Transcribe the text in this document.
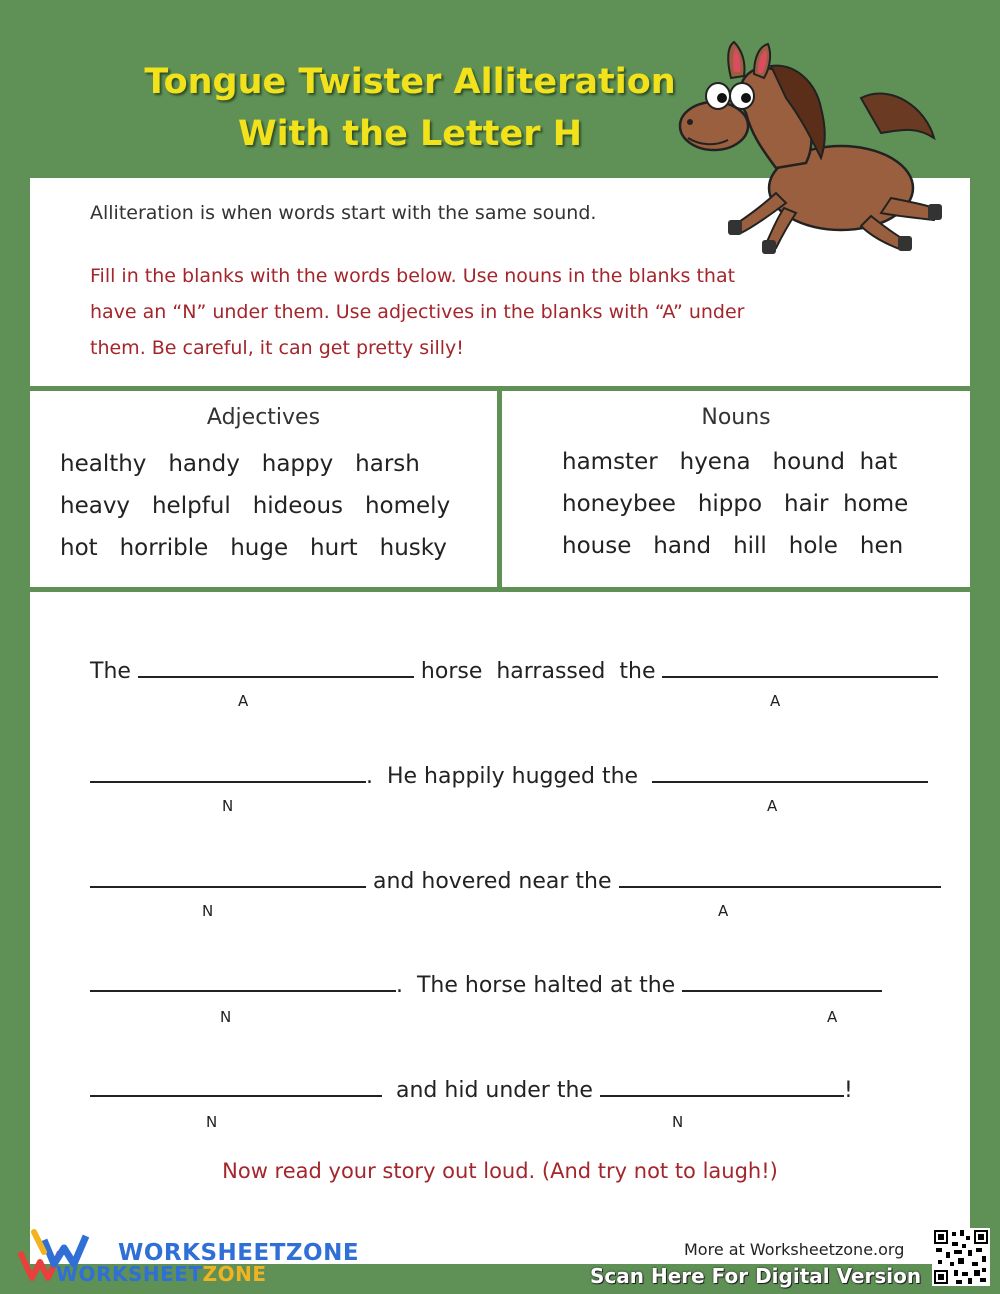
Tongue Twister Alliteration
With the Letter H
Alliteration is when words start with the same sound.
Fill in the blanks with the words below. Use nouns in the blanks that have an “N” under them. Use adjectives in the blanks with “A” under them. Be careful, it can get pretty silly!
Adjectives
healthy   handy   happy   harsh
heavy   helpful   hideous   homely
hot   horrible   huge   hurt   husky
Nouns
hamster   hyena   hound  hat
honeybee   hippo   hair  home
house   hand   hill   hole   hen
The	horse  harrassed  the
A	A
.  He happily hugged the
N	A
and hovered near the
N	A
.  The horse halted at the
N	A
and hid under the	!
N	N
Now read your story out loud. (And try not to laugh!)
WORKSHEETZONE
WORKSHEETZONE
More at Worksheetzone.org
Scan Here For Digital Version
